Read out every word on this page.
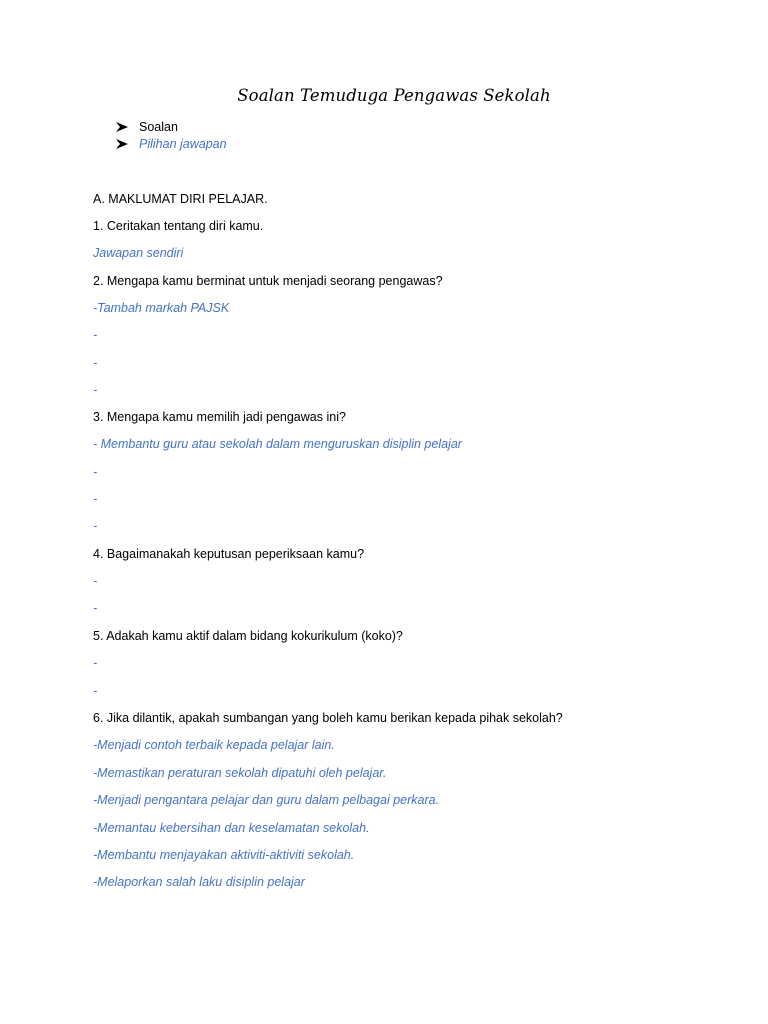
Soalan Temuduga Pengawas Sekolah
Soalan
Pilihan jawapan
A. MAKLUMAT DIRI PELAJAR.
1. Ceritakan tentang diri kamu.
Jawapan sendiri
2. Mengapa kamu berminat untuk menjadi seorang pengawas?
-Tambah markah PAJSK
-
-
-
3. Mengapa kamu memilih jadi pengawas ini?
- Membantu guru atau sekolah dalam menguruskan disiplin pelajar
-
-
-
4. Bagaimanakah keputusan peperiksaan kamu?
-
-
5. Adakah kamu aktif dalam bidang kokurikulum (koko)?
-
-
6. Jika dilantik, apakah sumbangan yang boleh kamu berikan kepada pihak sekolah?
-Menjadi contoh terbaik kepada pelajar lain.
-Memastikan peraturan sekolah dipatuhi oleh pelajar.
-Menjadi pengantara pelajar dan guru dalam pelbagai perkara.
-Memantau kebersihan dan keselamatan sekolah.
-Membantu menjayakan aktiviti-aktiviti sekolah.
-Melaporkan salah laku disiplin pelajar
